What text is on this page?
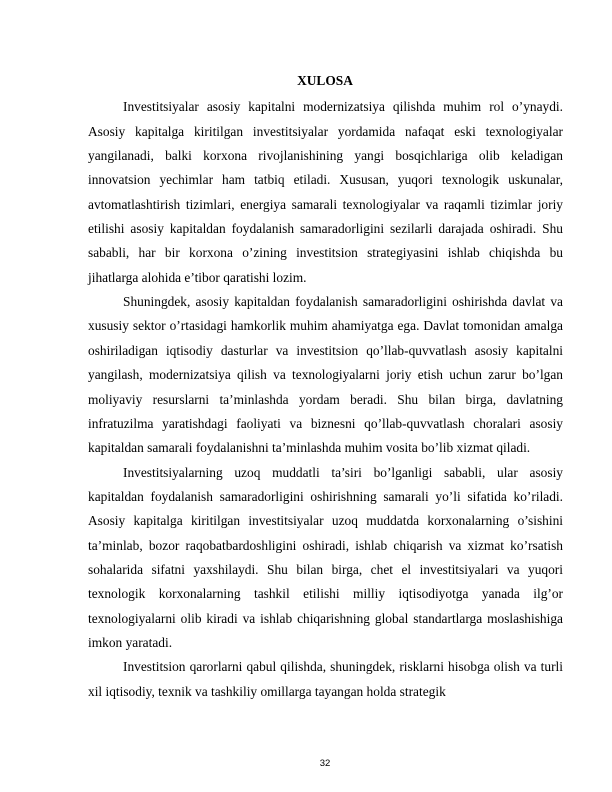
XULOSA

Investitsiyalar asosiy kapitalni modernizatsiya qilishda muhim rol o’ynaydi. Asosiy kapitalga kiritilgan investitsiyalar yordamida nafaqat eski texnologiyalar yangilanadi, balki korxona rivojlanishining yangi bosqichlariga olib keladigan innovatsion yechimlar ham tatbiq etiladi. Xususan, yuqori texnologik uskunalar, avtomatlashtirish tizimlari, energiya samarali texnologiyalar va raqamli tizimlar joriy etilishi asosiy kapitaldan foydalanish samaradorligini sezilarli darajada oshiradi. Shu sababli, har bir korxona o’zining investitsion strategiyasini ishlab chiqishda bu jihatlarga alohida e’tibor qaratishi lozim.

Shuningdek, asosiy kapitaldan foydalanish samaradorligini oshirishda davlat va xususiy sektor o’rtasidagi hamkorlik muhim ahamiyatga ega. Davlat tomonidan amalga oshiriladigan iqtisodiy dasturlar va investitsion qo’llab-quvvatlash asosiy kapitalni yangilash, modernizatsiya qilish va texnologiyalarni joriy etish uchun zarur bo’lgan moliyaviy resurslarni ta’minlashda yordam beradi. Shu bilan birga, davlatning infratuzilma yaratishdagi faoliyati va biznesni qo’llab-quvvatlash choralari asosiy kapitaldan samarali foydalanishni ta’minlashda muhim vosita bo’lib xizmat qiladi.

Investitsiyalarning uzoq muddatli ta’siri bo’lganligi sababli, ular asosiy kapitaldan foydalanish samaradorligini oshirishning samarali yo’li sifatida ko’riladi. Asosiy kapitalga kiritilgan investitsiyalar uzoq muddatda korxonalarning o’sishini ta’minlab, bozor raqobatbardoshligini oshiradi, ishlab chiqarish va xizmat ko’rsatish sohalarida sifatni yaxshilaydi. Shu bilan birga, chet el investitsiyalari va yuqori texnologik korxonalarning tashkil etilishi milliy iqtisodiyotga yanada ilg’or texnologiyalarni olib kiradi va ishlab chiqarishning global standartlarga moslashishiga imkon yaratadi.

Investitsion qarorlarni qabul qilishda, shuningdek, risklarni hisobga olish va turli xil iqtisodiy, texnik va tashkiliy omillarga tayangan holda strategik

32
